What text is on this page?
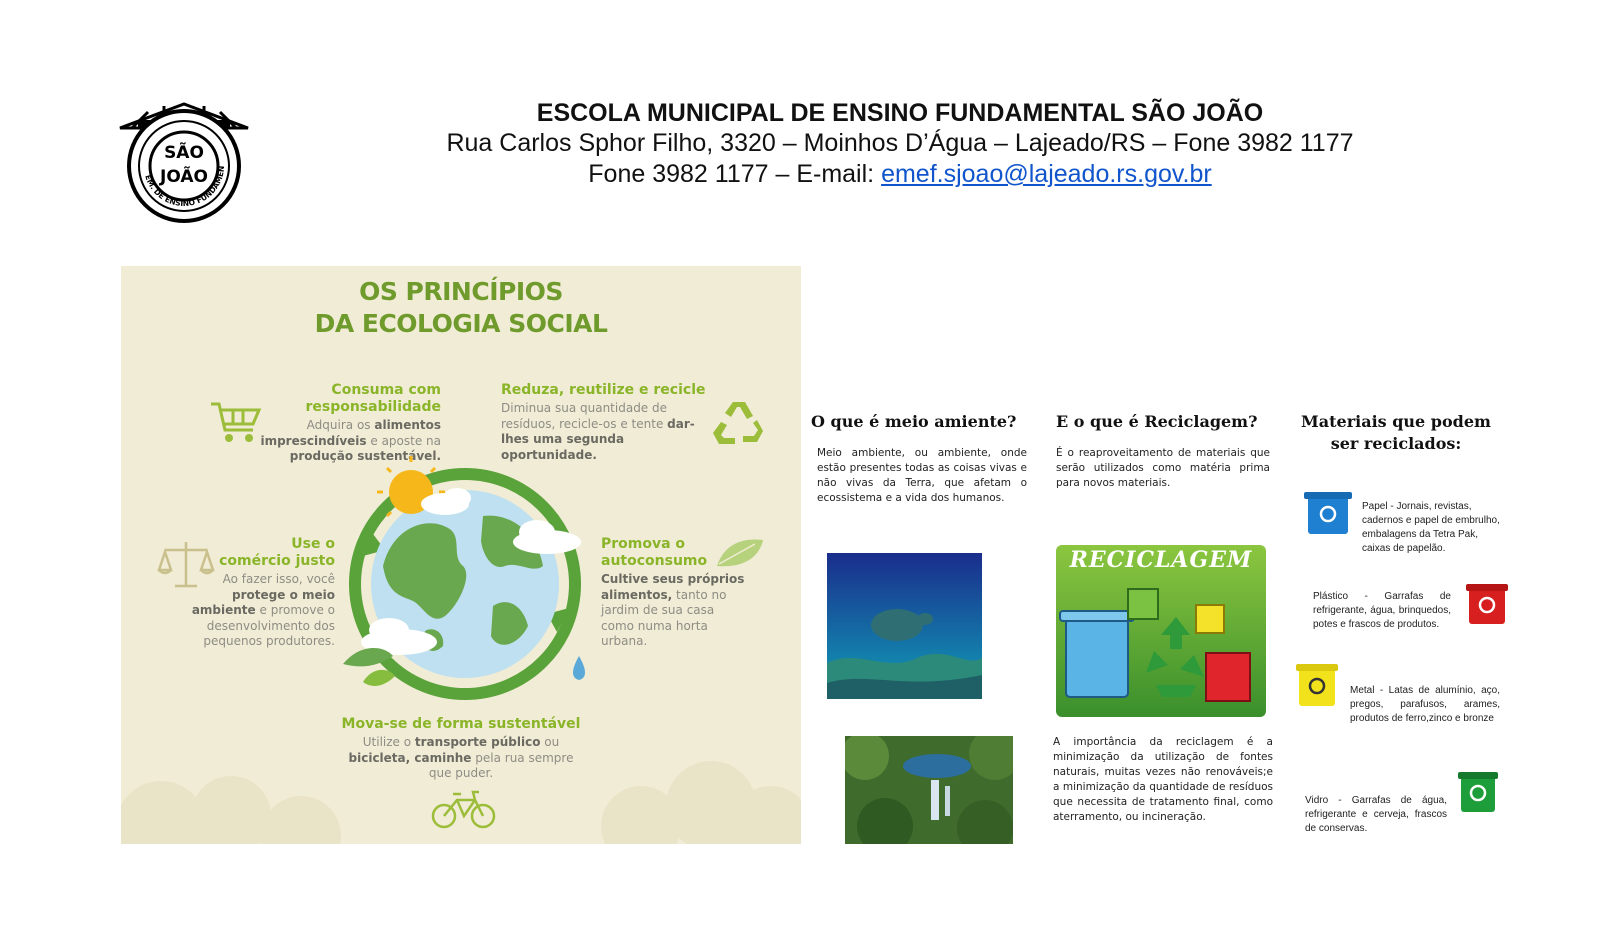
SÃO
JOÃO
EM. DE ENSINO FUNDAMEN
ESCOLA MUNICIPAL DE ENSINO FUNDAMENTAL SÃO JOÃO
Rua Carlos Sphor Filho, 3320 – Moinhos D’Água – Lajeado/RS – Fone 3982 1177
Fone 3982 1177 – E-mail: emef.sjoao@lajeado.rs.gov.br
OS PRINCÍPIOS
DA ECOLOGIA SOCIAL
Consuma com responsabilidade
Adquira os alimentos imprescindíveis e aposte na produção sustentável.
Reduza, reutilize e recicle
Diminua sua quantidade de resíduos, recicle-os e tente dar-lhes uma segunda oportunidade.
Use o
comércio justo
Ao fazer isso, você protege o meio ambiente e promove o desenvolvimento dos pequenos produtores.
Promova o
autoconsumo
Cultive seus próprios alimentos, tanto no jardim de sua casa como numa horta urbana.
Mova-se de forma sustentável
Utilize o transporte público ou bicicleta, caminhe pela rua sempre que puder.
O que é meio amiente?
Meio ambiente, ou ambiente, onde estão presentes todas as coisas vivas e não vivas da Terra, que afetam o ecossistema e a vida dos humanos.
E o que é Reciclagem?
É o reaproveitamento de materiais que serão utilizados como matéria prima para novos materiais.
RECICLAGEM
A importância da reciclagem é a minimização da utilização de fontes naturais, muitas vezes não renováveis;e a minimização da quantidade de resíduos que necessita de tratamento final, como aterramento, ou incineração.
Materiais que podem
ser reciclados:
Papel - Jornais, revistas, cadernos e papel de embrulho, embalagens da Tetra Pak, caixas de papelão.
Plástico - Garrafas de refrigerante, água, brinquedos, potes e frascos de produtos.
Metal - Latas de alumínio, aço, pregos, parafusos, arames, produtos de ferro,zinco e bronze
Vidro - Garrafas de água, refrigerante e cerveja, frascos de conservas.
